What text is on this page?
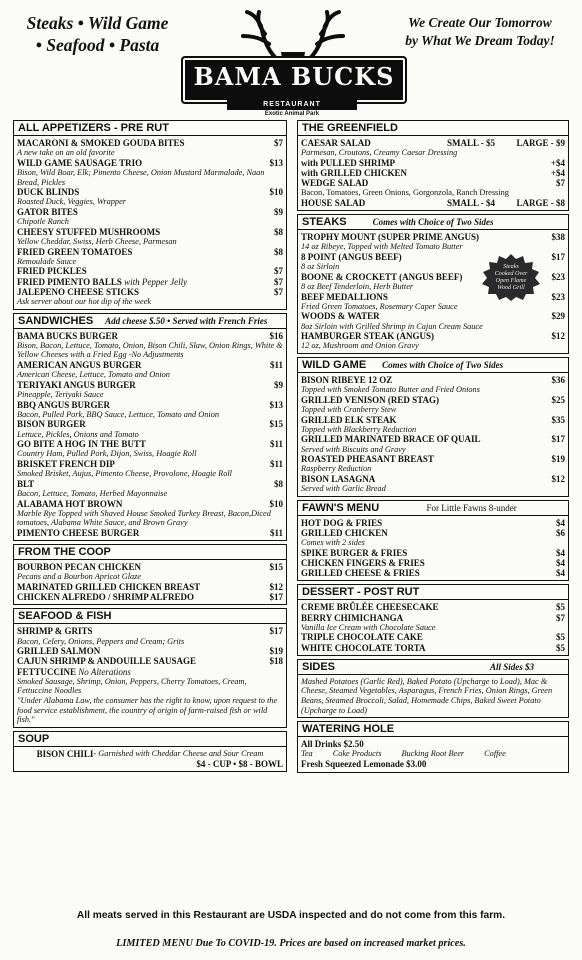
Steaks • Wild Game
• Seafood • Pasta
BAMA BUCKS
RESTAURANT
Exotic Animal Park
We Create Our Tomorrow
by What We Dream Today!
ALL APPETIZERS - PRE RUT
MACARONI & SMOKED GOUDA BITES	$7
A new take on an old favorite
WILD GAME SAUSAGE TRIO	$13
Bison, Wild Boar, Elk; Pimento Cheese, Onion Mustard Marmalade, Naan Bread, Pickles
DUCK BLINDS	$10
Roasted Duck, Veggies, Wrapper
GATOR BITES	$9
Chipotle Ranch
CHEESY STUFFED MUSHROOMS	$8
Yellow Cheddar, Swiss, Herb Cheese, Parmesan
FRIED GREEN TOMATOES	$8
Remoulade Sauce
FRIED PICKLES	$7
FRIED PIMENTO BALLS with Pepper Jelly	$7
JALEPENO CHEESE STICKS	$7
Ask server about our hot dip of the week
SANDWICHES Add cheese $.50 • Served with French Fries
BAMA BUCKS BURGER	$16
Bison, Bacon, Lettuce, Tomato, Onion, Bison Chili, Slaw, Onion Rings, White & Yellow Cheeses with a Fried Egg -No Adjustments
AMERICAN ANGUS BURGER	$11
American Cheese, Lettuce, Tomato and Onion
TERIYAKI ANGUS BURGER	$9
Pineapple, Teriyaki Sauce
BBQ ANGUS BURGER	$13
Bacon, Pulled Pork, BBQ Sauce, Lettuce, Tomato and Onion
BISON BURGER	$15
Lettuce, Pickles, Onions and Tomato
GO BITE A HOG IN THE BUTT	$11
Country Ham, Pulled Pork, Dijon, Swiss, Hoagie Roll
BRISKET FRENCH DIP	$11
Smoked Brisket, Aujus, Pimento Cheese, Provolone, Hoagie Roll
BLT	$8
Bacon, Lettuce, Tomato, Herbed Mayonnaise
ALABAMA HOT BROWN	$10
Marble Rye Topped with Shaved House Smoked Turkey Breast, Bacon,Diced tomatoes, Alabama White Sauce, and Brown Gravy
PIMENTO CHEESE BURGER	$11
FROM THE COOP
BOURBON PECAN CHICKEN	$15
Pecans and a Bourbon Apricot Glaze
MARINATED GRILLED CHICKEN BREAST	$12
CHICKEN ALFREDO / SHRIMP ALFREDO	$17
SEAFOOD & FISH
SHRIMP & GRITS	$17
Bacon, Celery, Onions, Peppers and Cream; Grits
GRILLED SALMON	$19
CAJUN SHRIMP & ANDOUILLE SAUSAGE	$18
FETTUCCINE No Alterations
Smoked Sausage, Shrimp, Onion, Peppers, Cherry Tomatoes, Cream, Fettuccine Noodles
"Under Alabama Law, the consumer has the right to know, upon request to the food service establishment, the country of origin of farm-raised fish or wild fish."
SOUP
BISON CHILI - Garnished with Cheddar Cheese and Sour Cream
$4 - CUP • $8 - BOWL
THE GREENFIELD
CAESAR SALAD	SMALL - $5	LARGE - $9
Parmesan, Croutons, Creamy Caesar Dressing
with PULLED SHRIMP	+$4
with GRILLED CHICKEN	+$4
WEDGE SALAD	$7
Bacon, Tomatoes, Green Onions, Gorgonzola, Ranch Dressing
HOUSE SALAD	SMALL - $4	LARGE - $8
STEAKS	Comes with Choice of Two Sides
TROPHY MOUNT (SUPER PRIME ANGUS)	$38
14 oz Ribeye, Topped with Melted Tomato Butter
8 POINT (ANGUS BEEF)	$17
8 oz Sirloin
BOONE & CROCKETT (ANGUS BEEF)	$23
8 oz Beef Tenderloin, Herb Butter
BEEF MEDALLIONS	$23
Fried Green Tomatoes, Rosemary Caper Sauce
WOODS & WATER	$29
8oz Sirloin with Grilled Shrimp in Cajun Cream Sauce
HAMBURGER STEAK (ANGUS)	$12
12 oz, Mushroom and Onion Gravy
Steaks
Cooked Over
Open Flame
Wood Grill
WILD GAME Comes with Choice of Two Sides
BISON RIBEYE 12 OZ	$36
Topped with Smoked Tomato Butter and Fried Onions
GRILLED VENISON (RED STAG)	$25
Topped with Cranberry Stew
GRILLED ELK STEAK	$35
Topped with Blackberry Reduction
GRILLED MARINATED BRACE OF QUAIL	$17
Served with Biscuits and Gravy
ROASTED PHEASANT BREAST	$19
Raspberry Reduction
BISON LASAGNA	$12
Served with Garlic Bread
FAWN'S MENU	For Little Fawns 8-under
HOT DOG & FRIES	$4
GRILLED CHICKEN	$6
Comes with 2 sides
SPIKE BURGER & FRIES	$4
CHICKEN FINGERS & FRIES	$4
GRILLED CHEESE & FRIES	$4
DESSERT - POST RUT
CREME BRÛLÉE CHEESECAKE	$5
BERRY CHIMICHANGA	$7
Vanilla Ice Cream with Chocolate Sauce
TRIPLE CHOCOLATE CAKE	$5
WHITE CHOCOLATE TORTA	$5
SIDES	All Sides $3
Mashed Potatoes (Garlic Red), Baked Potato (Upcharge to Load), Mac & Cheese, Steamed Vegetables, Asparagus, French Fries, Onion Rings, Green Beans, Steamed Broccoli, Salad, Homemade Chips, Baked Sweet Potato (Upcharge to Load)
WATERING HOLE
All Drinks $2.50
Tea Coke Products Bucking Root Beer Coffee
Fresh Squeezed Lemonade $3.00
All meats served in this Restaurant are USDA inspected and do not come from this farm.
LIMITED MENU Due To COVID-19. Prices are based on increased market prices.
